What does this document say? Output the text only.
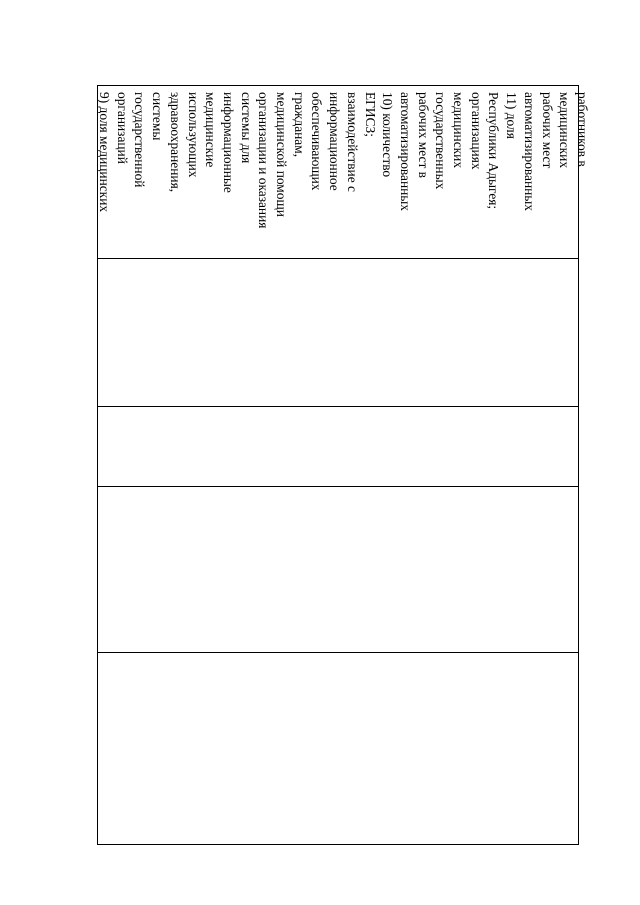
9) доля медицинских организаций государственной системы здравоохранения, использующих медицинские информационные системы для организации и оказания медицинской помощи гражданам, обеспечивающих информационное взаимодействие с ЕГИСЗ; 10) количество автоматизированных рабочих мест в государственных медицинских организациях Республики Адыгея; 11) доля автоматизированных рабочих мест медицинских работников в
